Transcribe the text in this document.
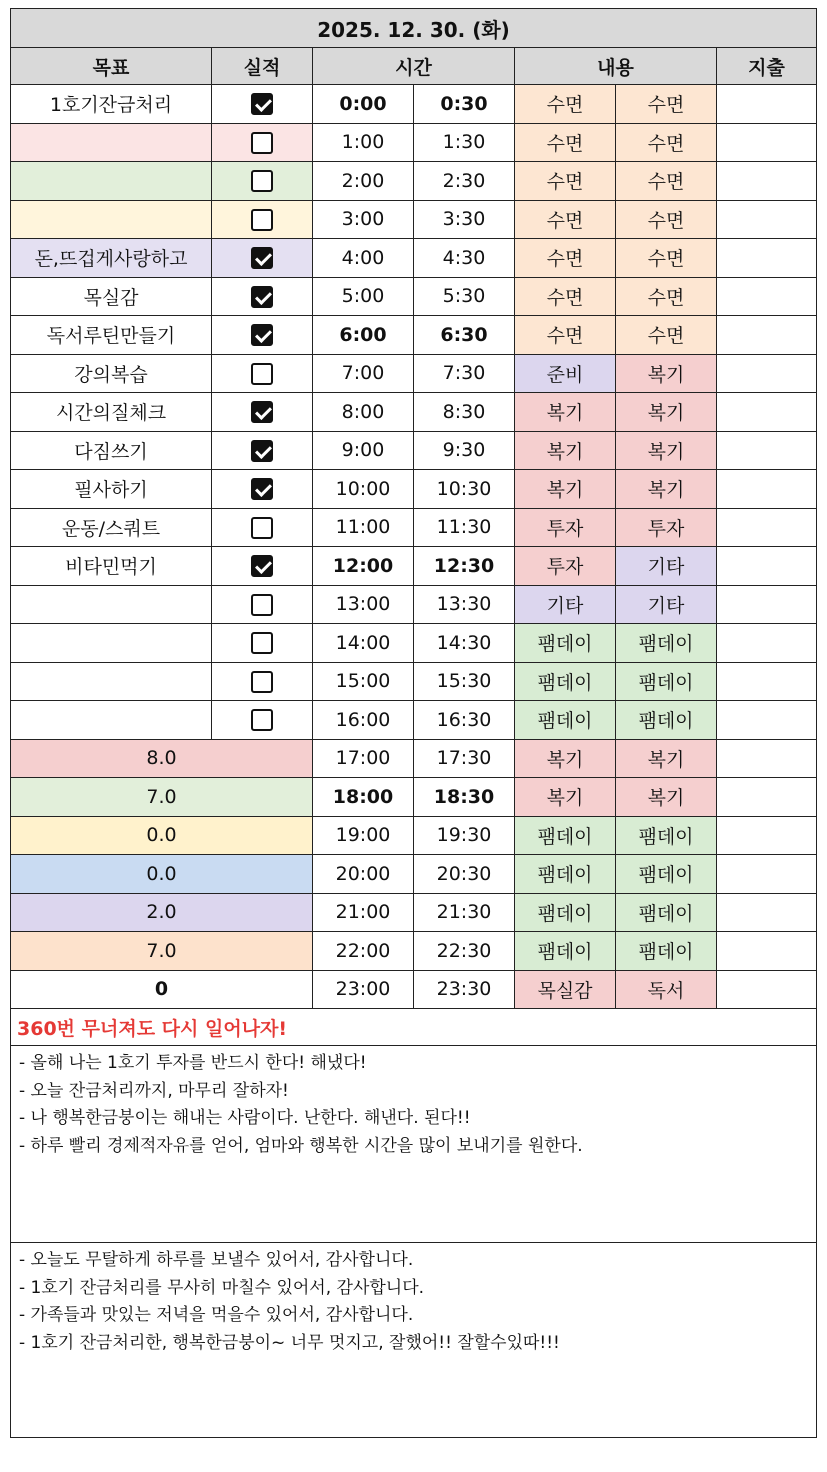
2025. 12. 30. (화)						
목표	실적	시간		내용		지출
1호기잔금처리		0:00	0:30	수면	수면	
		1:00	1:30	수면	수면	
		2:00	2:30	수면	수면	
		3:00	3:30	수면	수면	
돈,뜨겁게사랑하고		4:00	4:30	수면	수면	
목실감		5:00	5:30	수면	수면	
독서루틴만들기		6:00	6:30	수면	수면	
강의복습		7:00	7:30	준비	복기	
시간의질체크		8:00	8:30	복기	복기	
다짐쓰기		9:00	9:30	복기	복기	
필사하기		10:00	10:30	복기	복기	
운동/스쿼트		11:00	11:30	투자	투자	
비타민먹기		12:00	12:30	투자	기타	
		13:00	13:30	기타	기타	
		14:00	14:30	팸데이	팸데이	
		15:00	15:30	팸데이	팸데이	
		16:00	16:30	팸데이	팸데이	
8.0		17:00	17:30	복기	복기	
7.0		18:00	18:30	복기	복기	
0.0		19:00	19:30	팸데이	팸데이	
0.0		20:00	20:30	팸데이	팸데이	
2.0		21:00	21:30	팸데이	팸데이	
7.0		22:00	22:30	팸데이	팸데이	
0		23:00	23:30	목실감	독서	
360번 무너져도 다시 일어나자!						

- 올해 나는 1호기 투자를 반드시 한다! 해냈다!
- 오늘 잔금처리까지, 마무리 잘하자!
- 나 행복한금붕이는 해내는 사람이다. 난한다. 해낸다. 된다!!
- 하루 빨리 경제적자유를 얻어, 엄마와 행복한 시간을 많이 보내기를 원한다.						

- 오늘도 무탈하게 하루를 보낼수 있어서, 감사합니다.
- 1호기 잔금처리를 무사히 마칠수 있어서, 감사합니다.
- 가족들과 맛있는 저녁을 먹을수 있어서, 감사합니다.
- 1호기 잔금처리한, 행복한금붕이~ 너무 멋지고, 잘했어!! 잘할수있따!!!						
